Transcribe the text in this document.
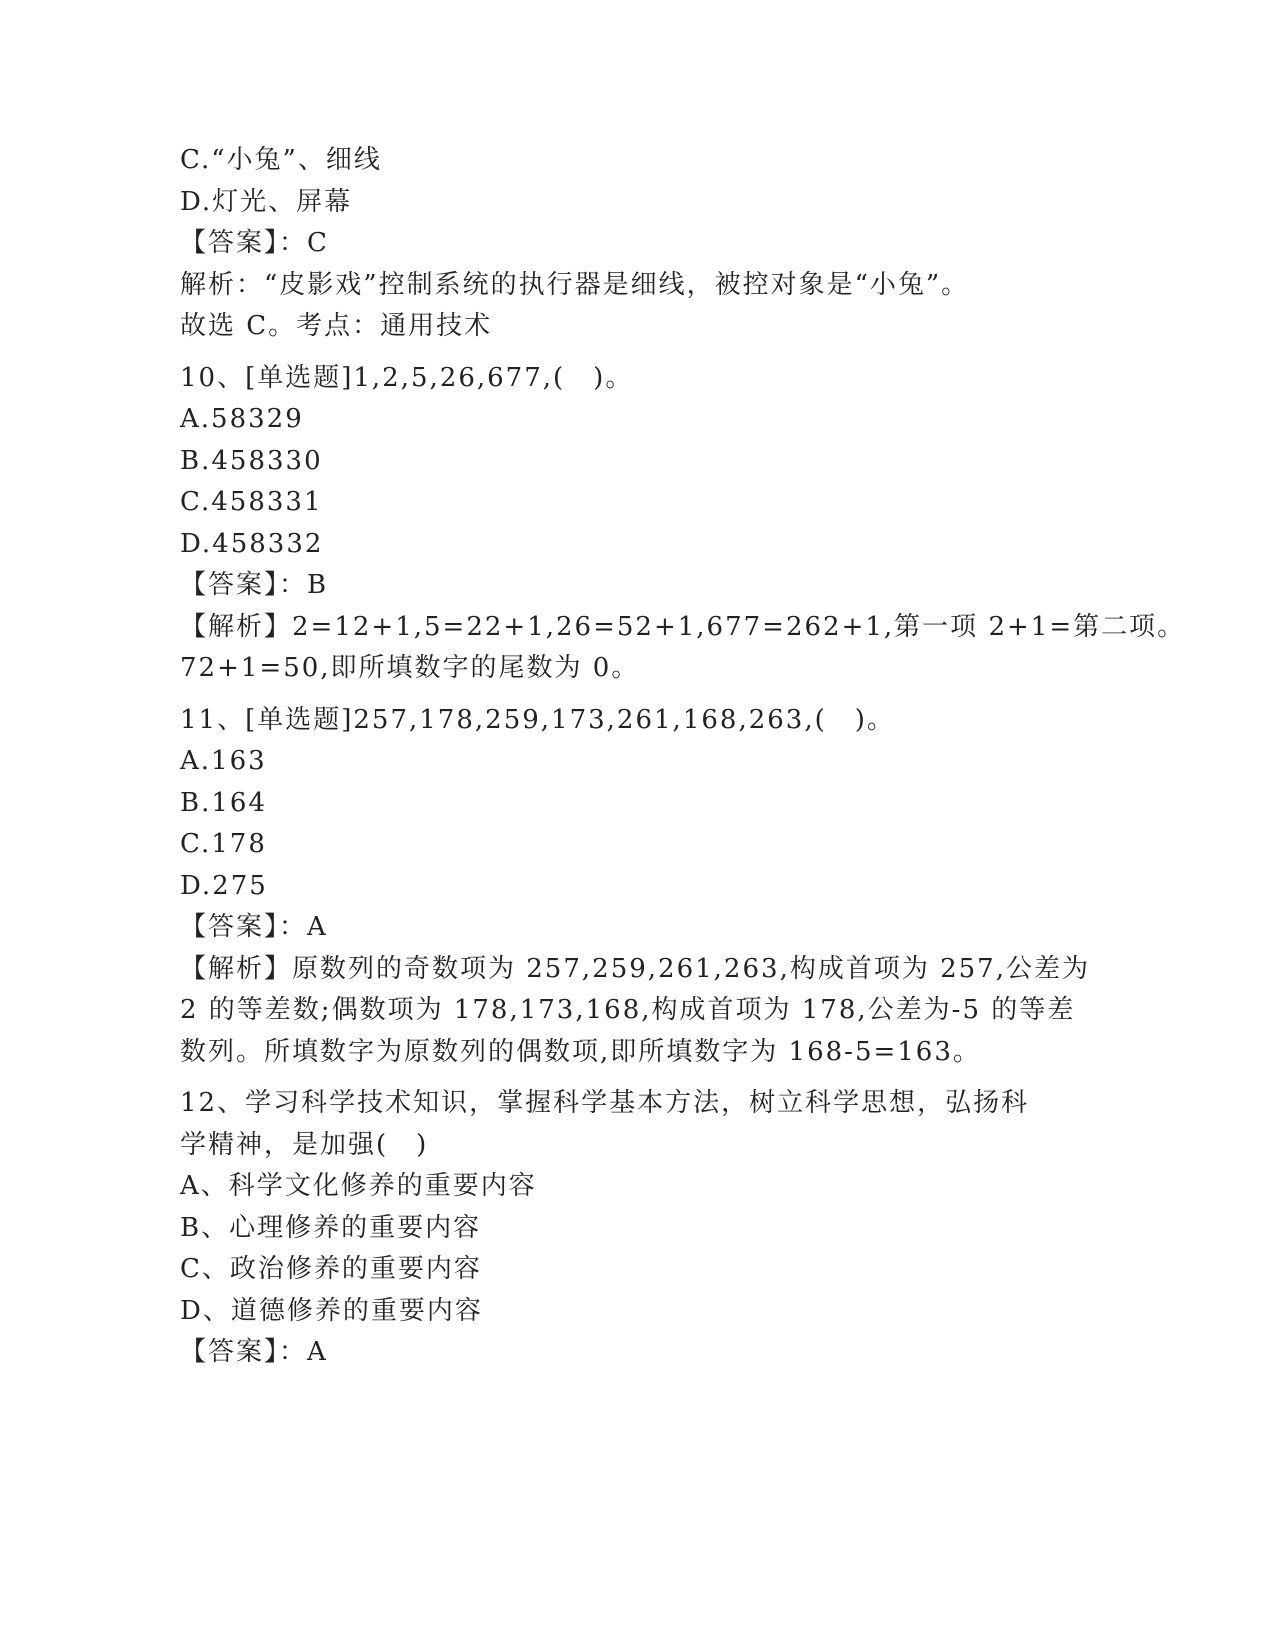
C.“小兔”、细线
D.灯光、屏幕
【答案】：C
解析：“皮影戏”控制系统的执行器是细线，被控对象是“小兔”。
故选 C。考点：通用技术
10、[单选题]1,2,5,26,677,(　)。
A.58329
B.458330
C.458331
D.458332
【答案】：B
【解析】2=12+1,5=22+1,26=52+1,677=262+1,第一项 2+1=第二项。
72+1=50,即所填数字的尾数为 0。
11、[单选题]257,178,259,173,261,168,263,(　)。
A.163
B.164
C.178
D.275
【答案】：A
【解析】原数列的奇数项为 257,259,261,263,构成首项为 257,公差为
2 的等差数;偶数项为 178,173,168,构成首项为 178,公差为-5 的等差
数列。所填数字为原数列的偶数项,即所填数字为 168-5=163。
12、学习科学技术知识，掌握科学基本方法，树立科学思想，弘扬科
学精神，是加强(　)
A、科学文化修养的重要内容
B、心理修养的重要内容
C、政治修养的重要内容
D、道德修养的重要内容
【答案】：A
